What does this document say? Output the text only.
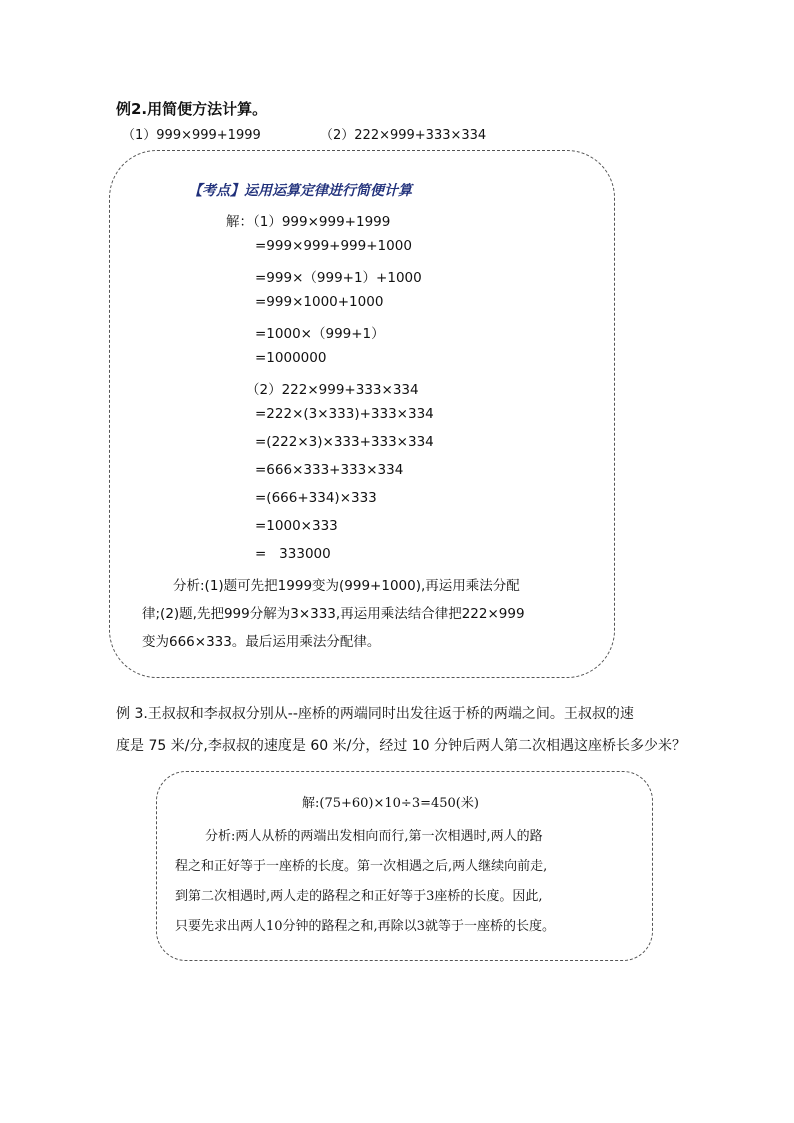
例2.用简便方法计算。
（1）999×999+1999	（2）222×999+333×334
【考点】运用运算定律进行简便计算
解：（1）999×999+1999
=999×999+999+1000
=999×（999+1）+1000
=999×1000+1000
=1000×（999+1）
=1000000
（2）222×999+333×334
=222×(3×333)+333×334
=(222×3)×333+333×334
=666×333+333×334
=(666+334)×333
=1000×333
=   333000
分析:(1)题可先把1999变为(999+1000),再运用乘法分配
律;(2)题,先把999分解为3×333,再运用乘法结合律把222×999
变为666×333。最后运用乘法分配律。
例 3.王叔叔和李叔叔分别从--座桥的两端同时出发往返于桥的两端之间。王叔叔的速
度是 75 米/分,李叔叔的速度是 60 米/分，经过 10 分钟后两人第二次相遇这座桥长多少米？
解:(75+60)×10÷3=450(米)
分析:两人从桥的两端出发相向而行,第一次相遇时,两人的路
程之和正好等于一座桥的长度。第一次相遇之后,两人继续向前走,
到第二次相遇时,两人走的路程之和正好等于3座桥的长度。因此,
只要先求出两人10分钟的路程之和,再除以3就等于一座桥的长度。
